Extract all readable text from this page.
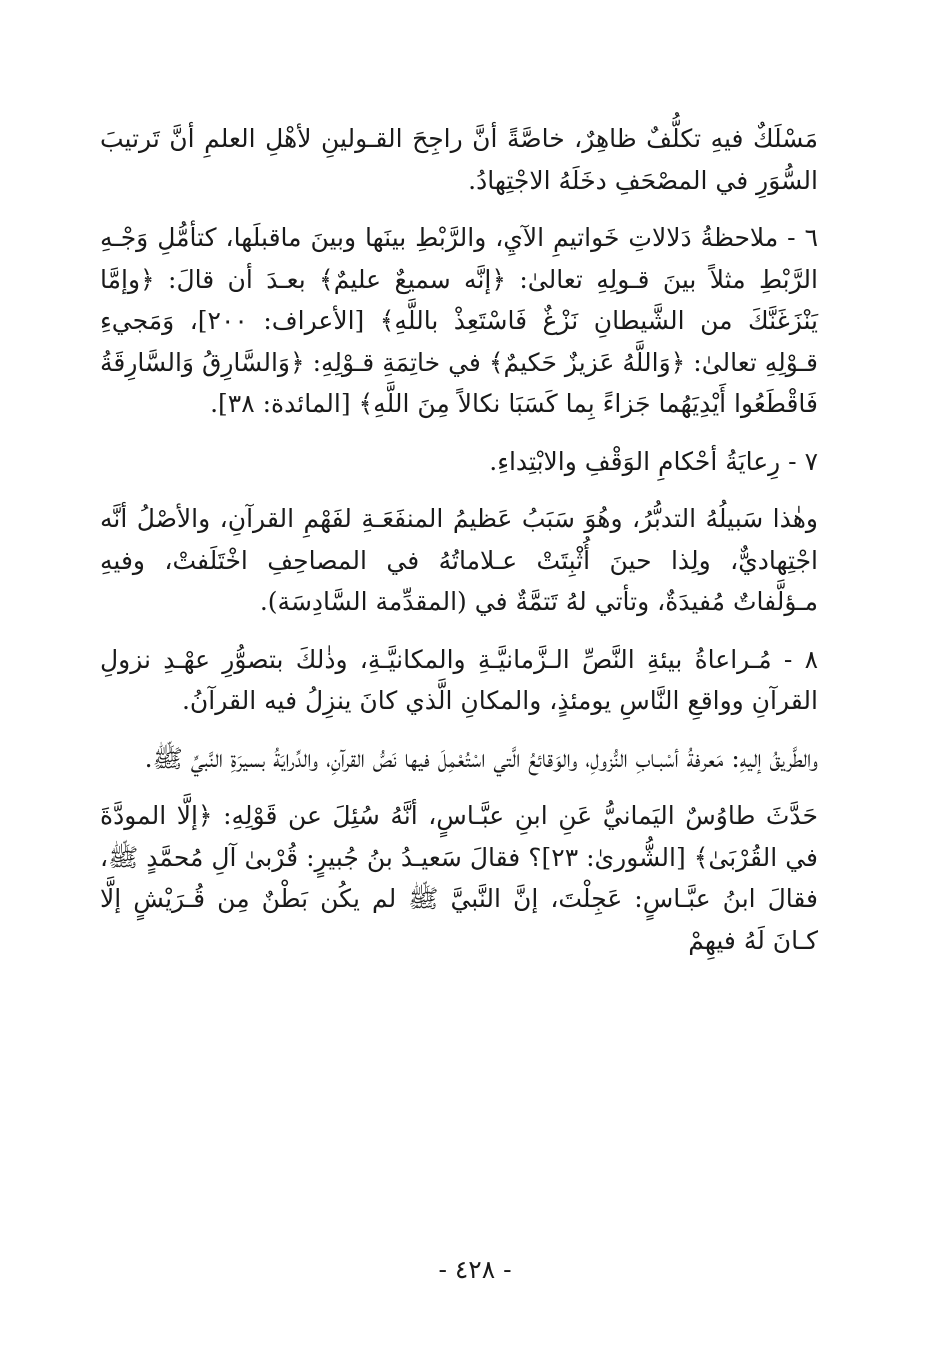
مَسْلَكٌ فيهِ تكلُّفٌ ظاهِرٌ، خاصَّةً أنَّ راجِحَ القـولينِ لأهْلِ العلمِ أنَّ تَرتيبَ السُّوَرِ في المصْحَفِ دخَلَهُ الاجْتِهادُ.

٦ - ملاحظةُ دَلالاتِ خَواتيمِ الآيِ، والرَّبْطِ بينَها وبينَ ماقبلَها، كتأمُّلِ وَجْـهِ الرَّبْطِ مثلاً بينَ قـولِهِ تعالىٰ: ﴿إنَّه سميعٌ عليمٌ﴾ بعـدَ أن قالَ: ﴿وإمَّا يَنْزَغَنَّكَ من الشَّيطانِ نَزْغٌ فَاسْتَعِذْ باللَّهِ﴾ [الأعراف: ٢٠٠]، وَمَجيءِ قـوْلِهِ تعالىٰ: ﴿وَاللَّهُ عَزيزٌ حَكيمٌ﴾ في خاتِمَةِ قـوْلِهِ: ﴿وَالسَّارِقُ وَالسَّارِقَةُ فَاقْطَعُوا أَيْدِيَهُما جَزاءً بِما كَسَبَا نكالاً مِنَ اللَّهِ﴾ [المائدة: ٣٨].

٧ - رِعايَةُ أحْكامِ الوَقْفِ والابْتِداءِ.

وهٰذا سَبيلُهُ التدبُّرُ، وهُوَ سَبَبُ عَظيمُ المنفَعَـةِ لفَهْمِ القرآنِ، والأصْلُ أنَّه اجْتِهاديٌّ، ولِذا حينَ أُثْبِتَتْ عـلاماتُهُ في المصاحِفِ اخْتَلَفتْ، وفيهِ مـؤلَّفاتٌ مُفيدَةٌ، وتأتي لهُ تَتمَّةٌ في (المقدِّمة السَّادِسَة).

٨ - مُـراعاةُ بيئةِ النَّصِّ الـزَّمانيَّـةِ والمكانيَّـةِ، وذٰلكَ بتصوُّرِ عهْـدِ نزولِ القرآنِ وواقعِ النَّاسِ يومئذٍ، والمكانِ الَّذي كانَ ينزِلُ فيه القرآنُ.

والطَّريقُ إليهِ: مَعرفةُ أسْبـابِ النُّزولِ، والوَقائعُ الَّتي اسْتُعْمِلَ فيها نَصُّ القرآنِ، والدِّرايَةُ بسيرَةِ النَّبيِّ ﷺ.

حَدَّثَ طاوُسٌ اليَمانيُّ عَنِ ابنِ عبَّـاسٍ، أنَّهُ سُئِلَ عن قَوْلِهِ: ﴿إلَّا المودَّةَ في القُرْبَىٰ﴾ [الشُّورىٰ: ٢٣]؟ فقالَ سَعيـدُ بنُ جُبيرٍ: قُرْبىٰ آلِ مُحمَّدٍ ﷺ، فقالَ ابنُ عبَّـاسٍ: عَجِلْتَ، إنَّ النَّبيَّ ﷺ لم يكُن بَطْنٌ مِن قُـرَيْشٍ إلَّا كـانَ لَهُ فيهِمْ

- ٤٢٨ -
